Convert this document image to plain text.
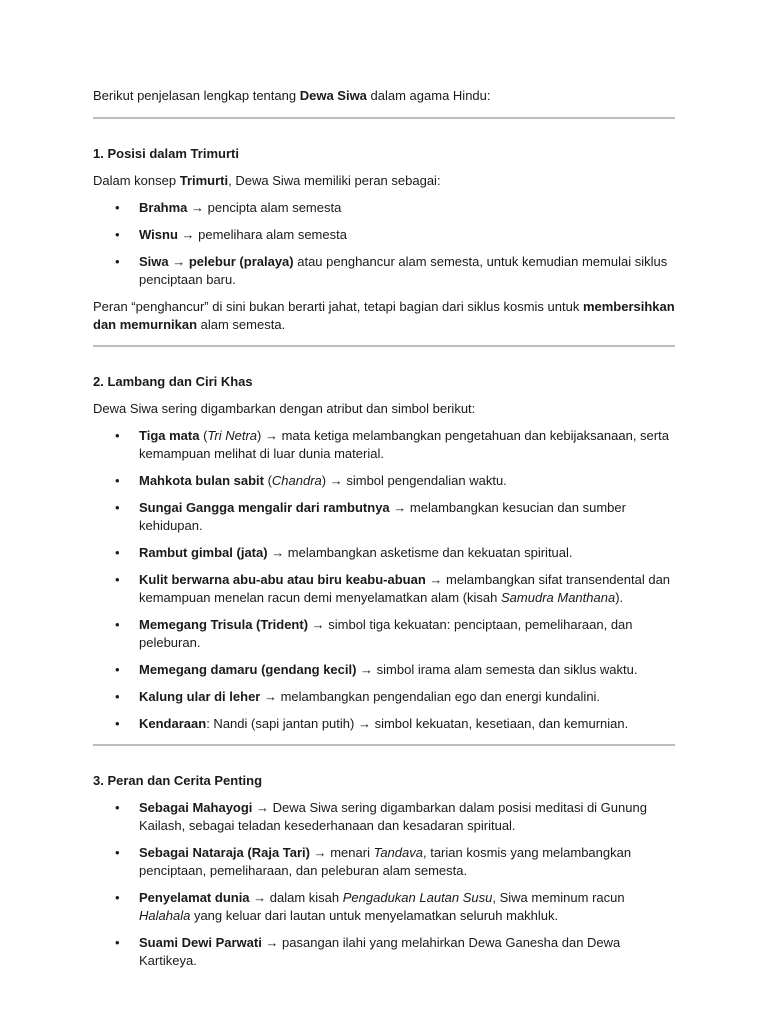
Berikut penjelasan lengkap tentang Dewa Siwa dalam agama Hindu:

1. Posisi dalam Trimurti

Dalam konsep Trimurti, Dewa Siwa memiliki peran sebagai:

• Brahma → pencipta alam semesta
• Wisnu → pemelihara alam semesta
• Siwa → pelebur (pralaya) atau penghancur alam semesta, untuk kemudian memulai siklus penciptaan baru.

Peran “penghancur” di sini bukan berarti jahat, tetapi bagian dari siklus kosmis untuk membersihkan dan memurnikan alam semesta.

2. Lambang dan Ciri Khas

Dewa Siwa sering digambarkan dengan atribut dan simbol berikut:

• Tiga mata (Tri Netra) → mata ketiga melambangkan pengetahuan dan kebijaksanaan, serta kemampuan melihat di luar dunia material.
• Mahkota bulan sabit (Chandra) → simbol pengendalian waktu.
• Sungai Gangga mengalir dari rambutnya → melambangkan kesucian dan sumber kehidupan.
• Rambut gimbal (jata) → melambangkan asketisme dan kekuatan spiritual.
• Kulit berwarna abu-abu atau biru keabu-abuan → melambangkan sifat transendental dan kemampuan menelan racun demi menyelamatkan alam (kisah Samudra Manthana).
• Memegang Trisula (Trident) → simbol tiga kekuatan: penciptaan, pemeliharaan, dan peleburan.
• Memegang damaru (gendang kecil) → simbol irama alam semesta dan siklus waktu.
• Kalung ular di leher → melambangkan pengendalian ego dan energi kundalini.
• Kendaraan: Nandi (sapi jantan putih) → simbol kekuatan, kesetiaan, dan kemurnian.
3. Peran dan Cerita Penting
• Sebagai Mahayogi → Dewa Siwa sering digambarkan dalam posisi meditasi di Gunung Kailash, sebagai teladan kesederhanaan dan kesadaran spiritual.
• Sebagai Nataraja (Raja Tari) → menari Tandava, tarian kosmis yang melambangkan penciptaan, pemeliharaan, dan peleburan alam semesta.
• Penyelamat dunia → dalam kisah Pengadukan Lautan Susu, Siwa meminum racun Halahala yang keluar dari lautan untuk menyelamatkan seluruh makhluk.
• Suami Dewi Parwati → pasangan ilahi yang melahirkan Dewa Ganesha dan Dewa Kartikeya.
